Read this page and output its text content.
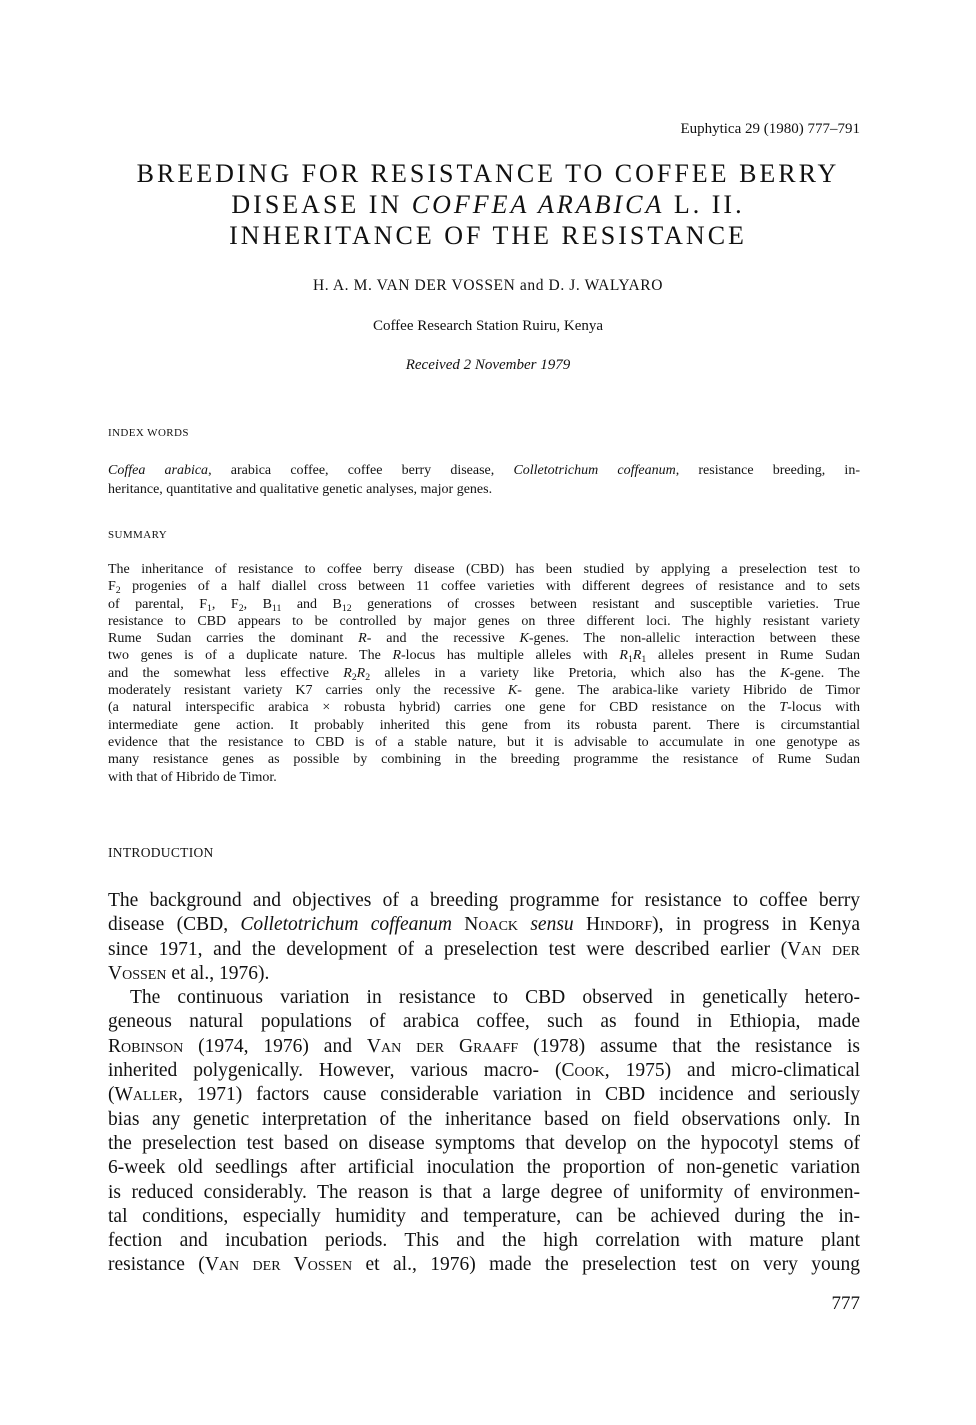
Euphytica 29 (1980) 777–791
BREEDING FOR RESISTANCE TO COFFEE BERRY
DISEASE IN COFFEA ARABICA L. II.
INHERITANCE OF THE RESISTANCE
H. A. M. VAN DER VOSSEN and D. J. WALYARO
Coffee Research Station Ruiru, Kenya
Received 2 November 1979
INDEX WORDS
Coffea arabica, arabica coffee, coffee berry disease, Colletotrichum coffeanum, resistance breeding, in-
heritance, quantitative and qualitative genetic analyses, major genes.
SUMMARY
The inheritance of resistance to coffee berry disease (CBD) has been studied by applying a preselection test to
$F_2$ progenies of a half diallel cross between 11 coffee varieties with different degrees of resistance and to sets
of parental, $F_1$, $F_2$, $B_{11}$ and $B_{12}$ generations of crosses between resistant and susceptible varieties. True
resistance to CBD appears to be controlled by major genes on three different loci. The highly resistant variety
Rume Sudan carries the dominant R- and the recessive K-genes. The non-allelic interaction between these
two genes is of a duplicate nature. The R-locus has multiple alleles with $R_1R_1$ alleles present in Rume Sudan
and the somewhat less effective $R_2R_2$ alleles in a variety like Pretoria, which also has the K-gene. The
moderately resistant variety K7 carries only the recessive K- gene. The arabica-like variety Hibrido de Timor
(a natural interspecific arabica × robusta hybrid) carries one gene for CBD resistance on the T-locus with
intermediate gene action. It probably inherited this gene from its robusta parent. There is circumstantial
evidence that the resistance to CBD is of a stable nature, but it is advisable to accumulate in one genotype as
many resistance genes as possible by combining in the breeding programme the resistance of Rume Sudan
with that of Hibrido de Timor.
INTRODUCTION
The background and objectives of a breeding programme for resistance to coffee berry
disease (CBD, Colletotrichum coffeanum Noack sensu Hindorf), in progress in Kenya
since 1971, and the development of a preselection test were described earlier (Van der
Vossen et al., 1976).
The continuous variation in resistance to CBD observed in genetically hetero-
geneous natural populations of arabica coffee, such as found in Ethiopia, made
Robinson (1974, 1976) and Van der Graaff (1978) assume that the resistance is
inherited polygenically. However, various macro- (Cook, 1975) and micro-climatical
(Waller, 1971) factors cause considerable variation in CBD incidence and seriously
bias any genetic interpretation of the inheritance based on field observations only. In
the preselection test based on disease symptoms that develop on the hypocotyl stems of
6-week old seedlings after artificial inoculation the proportion of non-genetic variation
is reduced considerably. The reason is that a large degree of uniformity of environmen-
tal conditions, especially humidity and temperature, can be achieved during the in-
fection and incubation periods. This and the high correlation with mature plant
resistance (Van der Vossen et al., 1976) made the preselection test on very young
777
